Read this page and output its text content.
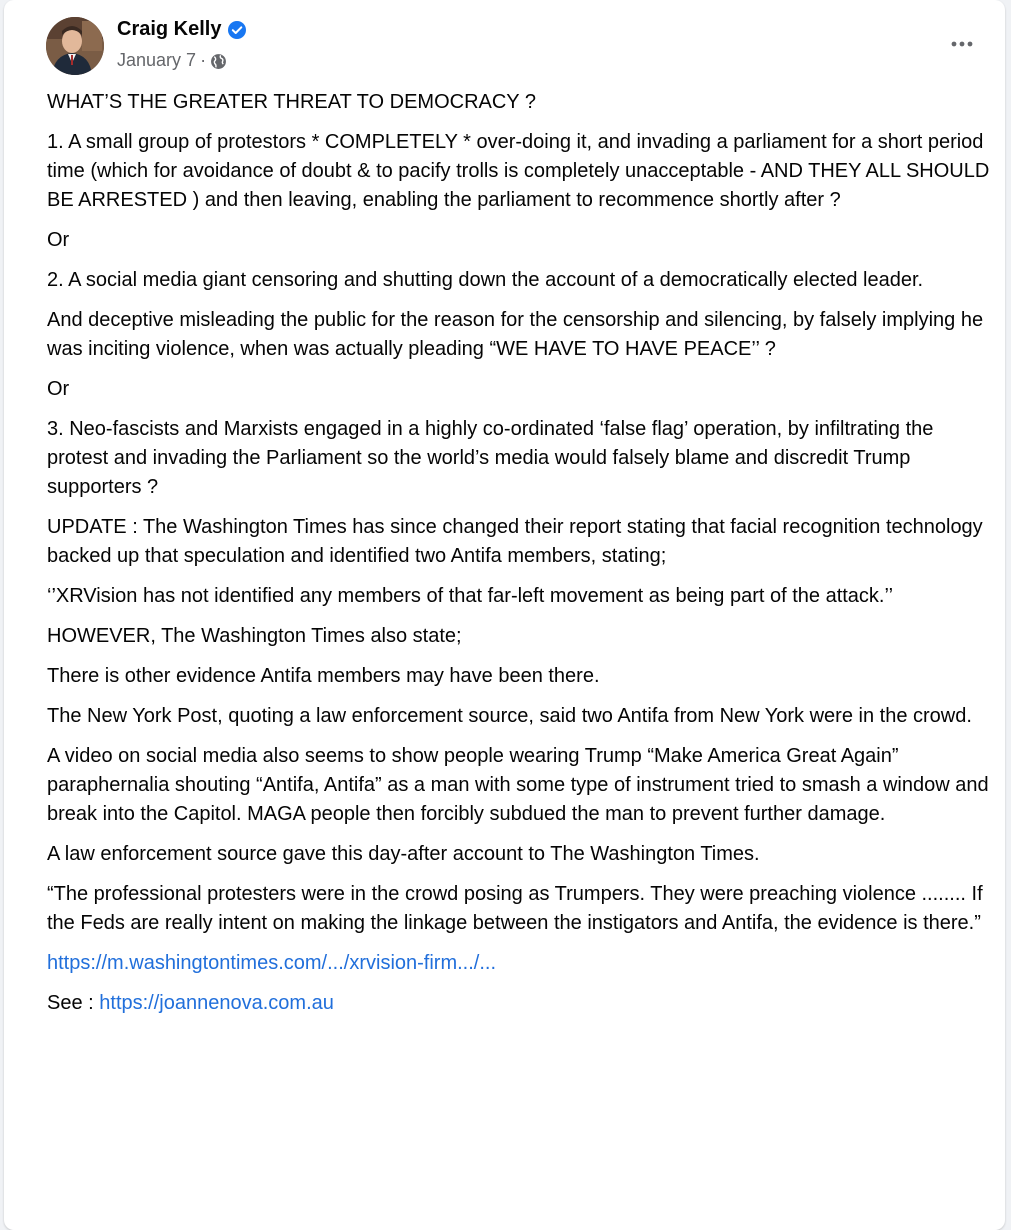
Craig Kelly
January 7 ·

WHAT’S THE GREATER THREAT TO DEMOCRACY ?

1. A small group of protestors * COMPLETELY * over-doing it, and invading a parliament for a short period time (which for avoidance of doubt & to pacify trolls is completely unacceptable - AND THEY ALL SHOULD BE ARRESTED ) and then leaving, enabling the parliament to recommence shortly after ?

Or

2. A social media giant censoring and shutting down the account of a democratically elected leader.

And deceptive misleading the public for the reason for the censorship and silencing, by falsely implying he was inciting violence, when was actually pleading “WE HAVE TO HAVE PEACE’’ ?

Or

3. Neo-fascists and Marxists engaged in a highly co-ordinated ‘false flag’ operation, by infiltrating the protest and invading the Parliament so the world’s media would falsely blame and discredit Trump supporters ?

UPDATE : The Washington Times has since changed their report stating that facial recognition technology backed up that speculation and identified two Antifa members, stating;

‘’XRVision has not identified any members of that far-left movement as being part of the attack.’’

HOWEVER, The Washington Times also state;

There is other evidence Antifa members may have been there.

The New York Post, quoting a law enforcement source, said two Antifa from New York were in the crowd.

A video on social media also seems to show people wearing Trump “Make America Great Again” paraphernalia shouting “Antifa, Antifa” as a man with some type of instrument tried to smash a window and break into the Capitol. MAGA people then forcibly subdued the man to prevent further damage.

A law enforcement source gave this day-after account to The Washington Times.

“The professional protesters were in the crowd posing as Trumpers. They were preaching violence ........ If the Feds are really intent on making the linkage between the instigators and Antifa, the evidence is there.”

https://m.washingtontimes.com/.../xrvision-firm.../...

See : https://joannenova.com.au
